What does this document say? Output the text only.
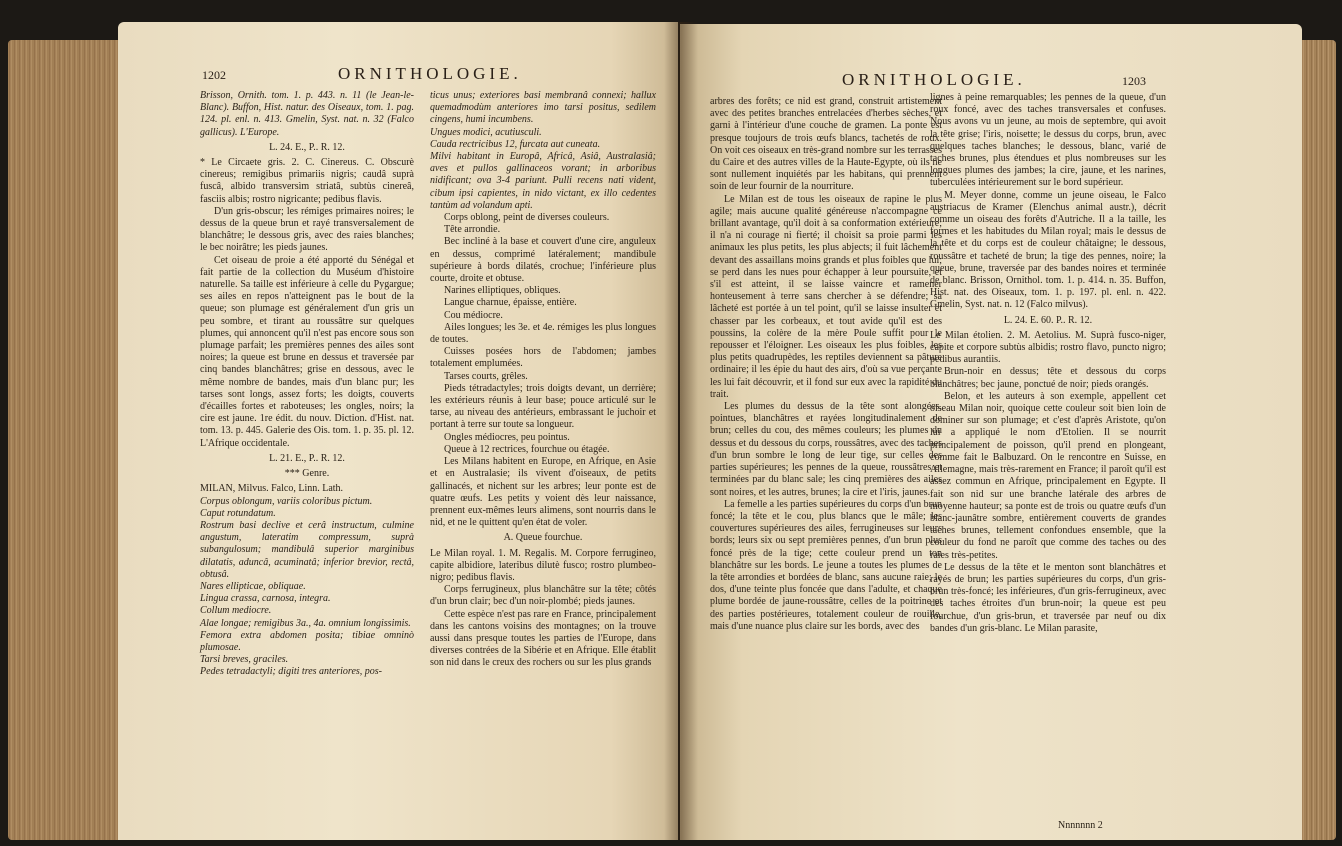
1202	ORNITHOLOGIE.

Brisson, Ornith. tom. 1. p. 443. n. 11 (le Jean-le-Blanc). Buffon, Hist. natur. des Oiseaux, tom. 1. pag. 124. pl. enl. n. 413. Gmelin, Syst. nat. n. 32 (Falco gallicus). L'Europe.

L. 24. E., P.. R. 12.

* Le Circaete gris. 2. C. Cinereus. C. Obscurè cinereus; remigibus primariis nigris; caudâ suprà fuscâ, albido transversìm striatâ, subtùs cinereâ, fasciis albis; rostro nigricante; pedibus flavis.

D'un gris-obscur; les rémiges primaires noires; le dessus de la queue brun et rayé transversalement de blanchâtre; le dessous gris, avec des raies blanches; le bec noirâtre; les pieds jaunes.

Cet oiseau de proie a été apporté du Sénégal et fait partie de la collection du Muséum d'histoire naturelle. Sa taille est inférieure à celle du Pygargue; ses ailes en repos n'atteignent pas le bout de la queue; son plumage est généralement d'un gris un peu sombre, et tirant au roussâtre sur quelques plumes, qui annoncent qu'il n'est pas encore sous son plumage parfait; les premières pennes des ailes sont noires; la queue est brune en dessus et traversée par cinq bandes blanchâtres; grise en dessous, avec le même nombre de bandes, mais d'un blanc pur; les tarses sont longs, assez forts; les doigts, couverts d'écailles fortes et raboteuses; les ongles, noirs; la cire est jaune. 1re édit. du nouv. Diction. d'Hist. nat. tom. 13. p. 445. Galerie des Ois. tom. 1. p. 35. pl. 12. L'Afrique occidentale.

L. 21. E., P.. R. 12.

*** Genre.

MILAN, Milvus. Falco, Linn. Lath.

Corpus oblongum, variis coloribus pictum.

Caput rotundatum.

Rostrum basi declive et cerâ instructum, culmine angustum, lateratim compressum, suprà subangulosum; mandibulâ superior marginibus dilatatis, aduncâ, acuminatâ; inferior brevior, rectâ, obtusâ.

Nares ellipticae, obliquae.

Lingua crassa, carnosa, integra.

Collum mediocre.

Alae longae; remigibus 3a., 4a. omnium longissimis.

Femora extra abdomen posita; tibiae omninò plumosae.

Tarsi breves, graciles.

Pedes tetradactyli; digiti tres anteriores, pos-

ticus unus; exteriores basi membranâ connexi; hallux quemadmodùm anteriores imo tarsi positus, sedilem cingens, humi incumbens.

Ungues modici, acutiusculi.

Cauda rectricibus 12, furcata aut cuneata.

Milvi habitant in Europâ, Africâ, Asiâ, Australasiâ; aves et pullos gallinaceos vorant; in arboribus nidificant; ova 3-4 pariunt. Pulli recens nati vident, cibum ipsi capientes, in nido victant, ex illo cedentes tantùm ad volandum apti.

Corps oblong, peint de diverses couleurs.

Tête arrondie.

Bec incliné à la base et couvert d'une cire, anguleux en dessus, comprimé latéralement; mandibule supérieure à bords dilatés, crochue; l'inférieure plus courte, droite et obtuse.

Narines elliptiques, obliques.

Langue charnue, épaisse, entière.

Cou médiocre.

Ailes longues; les 3e. et 4e. rémiges les plus longues de toutes.

Cuisses posées hors de l'abdomen; jambes totalement emplumées.

Tarses courts, grêles.

Pieds tétradactyles; trois doigts devant, un derrière; les extérieurs réunis à leur base; pouce articulé sur le tarse, au niveau des antérieurs, embrassant le juchoir et portant à terre sur toute sa longueur.

Ongles médiocres, peu pointus.

Queue à 12 rectrices, fourchue ou étagée.

Les Milans habitent en Europe, en Afrique, en Asie et en Australasie; ils vivent d'oiseaux, de petits gallinacés, et nichent sur les arbres; leur ponte est de quatre œufs. Les petits y voient dès leur naissance, prennent eux-mêmes leurs alimens, sont nourris dans le nid, et ne le quittent qu'en état de voler.

A. Queue fourchue.

Le Milan royal. 1. M. Regalis. M. Corpore ferrugineo, capite albidiore, lateribus dilutè fusco; rostro plumbeo-nigro; pedibus flavis.

Corps ferrugineux, plus blanchâtre sur la tête; côtés d'un brun clair; bec d'un noir-plombé; pieds jaunes.

Cette espèce n'est pas rare en France, principalement dans les cantons voisins des montagnes; on la trouve aussi dans presque toutes les parties de l'Europe, dans diverses contrées de la Sibérie et en Afrique. Elle établit son nid dans le creux des rochers ou sur les plus grands

ORNITHOLOGIE.	1203

arbres des forêts; ce nid est grand, construit artistement avec des petites branches entrelacées d'herbes sèches, et garni à l'intérieur d'une couche de gramen. La ponte est presque toujours de trois œufs blancs, tachetés de roux. On voit ces oiseaux en très-grand nombre sur les terrasses du Caire et des autres villes de la Haute-Egypte, où ils ne sont nullement inquiétés par les habitans, qui prennent soin de leur fournir de la nourriture.

Le Milan est de tous les oiseaux de rapine le plus agile; mais aucune qualité généreuse n'accompagne ce brillant avantage, qu'il doit à sa conformation extérieure; il n'a ni courage ni fierté; il choisit sa proie parmi les animaux les plus petits, les plus abjects; il fuit lâchement devant des assaillans moins grands et plus foibles que lui; se perd dans les nues pour échapper à leur poursuite, et s'il est atteint, il se laisse vaincre et ramener honteusement à terre sans chercher à se défendre; sa lâcheté est portée à un tel point, qu'il se laisse insulter et chasser par les corbeaux, et tout avide qu'il est des poussins, la colère de la mère Poule suffit pour le repousser et l'éloigner. Les oiseaux les plus foibles, les plus petits quadrupèdes, les reptiles deviennent sa pâture ordinaire; il les épie du haut des airs, d'où sa vue perçante les lui fait découvrir, et il fond sur eux avec la rapidité du trait.

Les plumes du dessus de la tête sont alongées, pointues, blanchâtres et rayées longitudinalement de brun; celles du cou, des mêmes couleurs; les plumes du dessus et du dessous du corps, roussâtres, avec des taches d'un brun sombre le long de leur tige, sur celles des parties supérieures; les pennes de la queue, roussâtres et terminées par du blanc sale; les cinq premières des ailes sont noires, et les autres, brunes; la cire et l'iris, jaunes.

La femelle a les parties supérieures du corps d'un brun foncé; la tête et le cou, plus blancs que le mâle; les couvertures supérieures des ailes, ferrugineuses sur leurs bords; leurs six ou sept premières pennes, d'un brun plus foncé près de la tige; cette couleur prend un ton blanchâtre sur les bords. Le jeune a toutes les plumes de la tête arrondies et bordées de blanc, sans aucune raie; le dos, d'une teinte plus foncée que dans l'adulte, et chaque plume bordée de jaune-roussâtre, celles de la poitrine et des parties postérieures, totalement couleur de rouille, mais d'une nuance plus claire sur les bords, avec des

lignes à peine remarquables; les pennes de la queue, d'un roux foncé, avec des taches transversales et confuses. Nous avons vu un jeune, au mois de septembre, qui avoit la tête grise; l'iris, noisette; le dessus du corps, brun, avec quelques taches blanches; le dessous, blanc, varié de taches brunes, plus étendues et plus nombreuses sur les longues plumes des jambes; la cire, jaune, et les narines, tuberculées intérieurement sur le bord supérieur.

M. Meyer donne, comme un jeune oiseau, le Falco austriacus de Kramer (Elenchus animal austr.), décrit comme un oiseau des forêts d'Autriche. Il a la taille, les formes et les habitudes du Milan royal; mais le dessus de la tête et du corps est de couleur châtaigne; le dessous, roussâtre et tacheté de brun; la tige des pennes, noire; la queue, brune, traversée par des bandes noires et terminée de blanc. Brisson, Ornithol. tom. 1. p. 414. n. 35. Buffon, Hist. nat. des Oiseaux, tom. 1. p. 197. pl. enl. n. 422. Gmelin, Syst. nat. n. 12 (Falco milvus).

L. 24. E. 60. P.. R. 12.

Le Milan étolien. 2. M. Aetolius. M. Suprà fusco-niger, capite et corpore subtùs albidis; rostro flavo, puncto nigro; pedibus aurantiis.

Brun-noir en dessus; tête et dessous du corps blanchâtres; bec jaune, ponctué de noir; pieds orangés.

Belon, et les auteurs à son exemple, appellent cet oiseau Milan noir, quoique cette couleur soit bien loin de dominer sur son plumage; et c'est d'après Aristote, qu'on lui a appliqué le nom d'Etolien. Il se nourrit principalement de poisson, qu'il prend en plongeant, comme fait le Balbuzard. On le rencontre en Suisse, en Allemagne, mais très-rarement en France; il paroît qu'il est assez commun en Afrique, principalement en Egypte. Il fait son nid sur une branche latérale des arbres de moyenne hauteur; sa ponte est de trois ou quatre œufs d'un blanc-jaunâtre sombre, entièrement couverts de grandes taches brunes, tellement confondues ensemble, que la couleur du fond ne paroît que comme des taches ou des raies très-petites.

Le dessus de la tête et le menton sont blanchâtres et rayés de brun; les parties supérieures du corps, d'un gris-brun très-foncé; les inférieures, d'un gris-ferrugineux, avec des taches étroites d'un brun-noir; la queue est peu fourchue, d'un gris-brun, et traversée par neuf ou dix bandes d'un gris-blanc. Le Milan parasite,

Nnnnnnn 2
